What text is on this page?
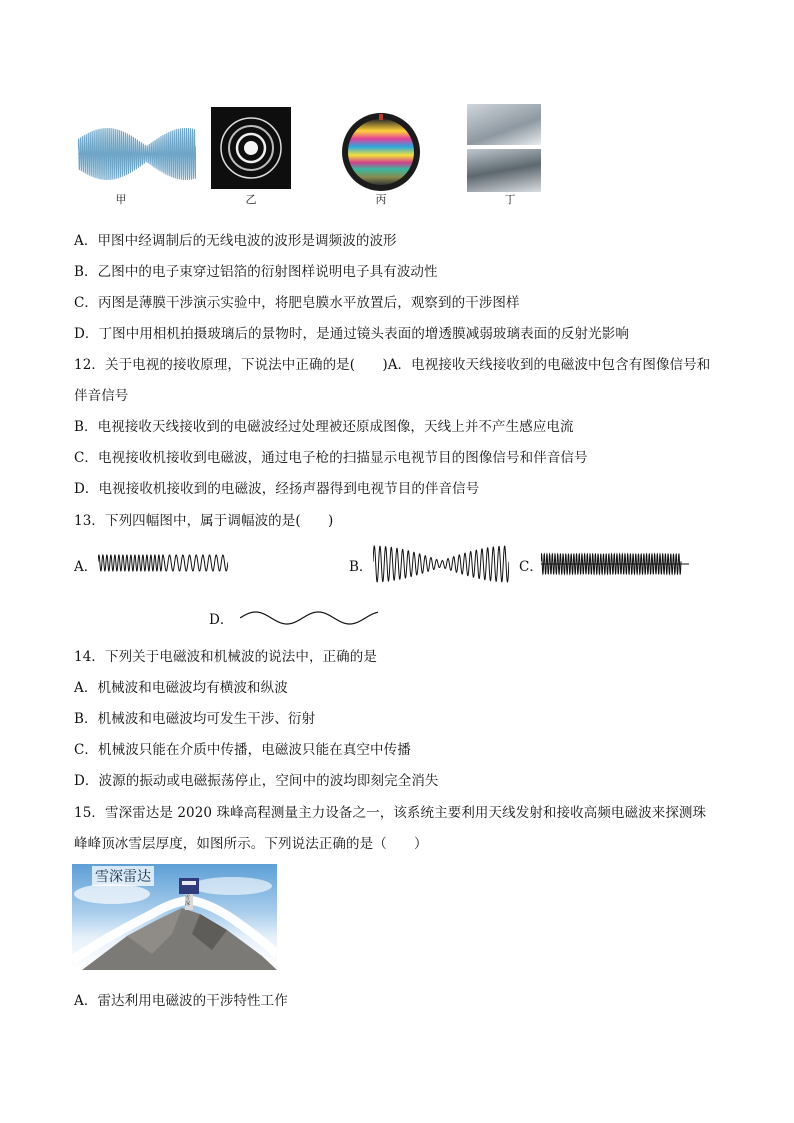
甲	乙	丙	丁
A．甲图中经调制后的无线电波的波形是调频波的波形
B．乙图中的电子束穿过铝箔的衍射图样说明电子具有波动性
C．丙图是薄膜干涉演示实验中，将肥皂膜水平放置后，观察到的干涉图样
D．丁图中用相机拍摄玻璃后的景物时，是通过镜头表面的增透膜减弱玻璃表面的反射光影响
12．关于电视的接收原理，下说法中正确的是(　　)A．电视接收天线接收到的电磁波中包含有图像信号和
伴音信号
B．电视接收天线接收到的电磁波经过处理被还原成图像，天线上并不产生感应电流
C．电视接收机接收到电磁波，通过电子枪的扫描显示电视节目的图像信号和伴音信号
D．电视接收机接收到的电磁波，经扬声器得到电视节目的伴音信号
13．下列四幅图中，属于调幅波的是(　　)
A．	B．	C．
D．
14．下列关于电磁波和机械波的说法中，正确的是
A．机械波和电磁波均有横波和纵波
B．机械波和电磁波均可发生干涉、衍射
C．机械波只能在介质中传播，电磁波只能在真空中传播
D．波源的振动或电磁振荡停止，空间中的波均即刻完全消失
15．雪深雷达是 2020 珠峰高程测量主力设备之一，该系统主要利用天线发射和接收高频电磁波来探测珠
峰峰顶冰雪层厚度，如图所示。下列说法正确的是（　　）
雪深雷达
雪深
A．雷达利用电磁波的干涉特性工作
